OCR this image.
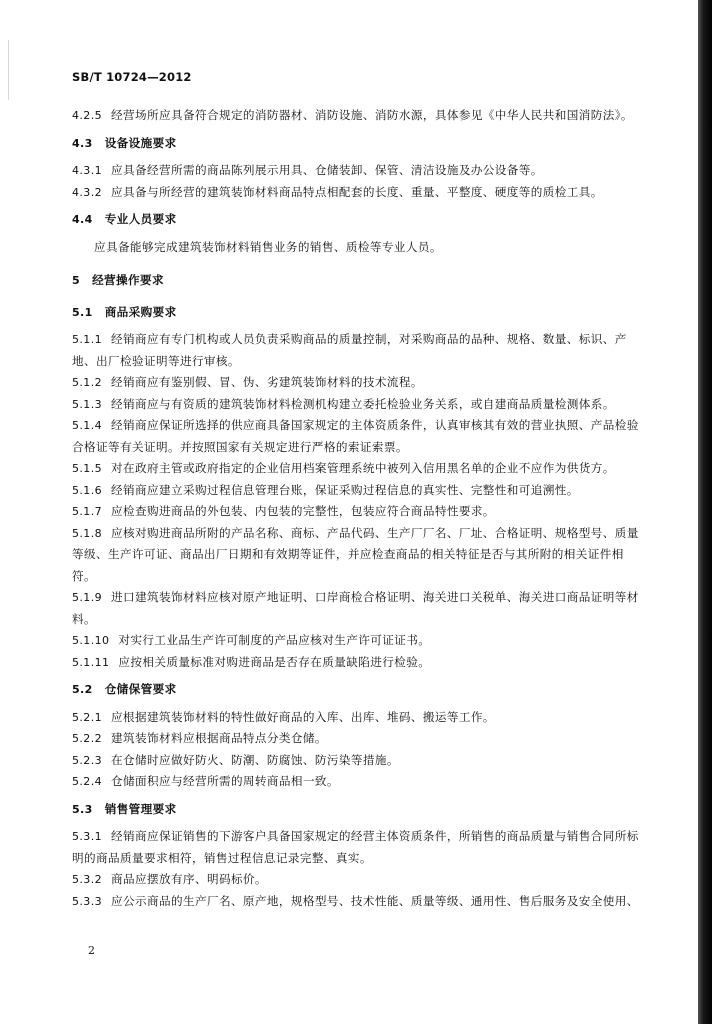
SB/T 10724—2012
4.2.5 经营场所应具备符合规定的消防器材、消防设施、消防水源，具体参见《中华人民共和国消防法》。
4.3 设备设施要求
4.3.1 应具备经营所需的商品陈列展示用具、仓储装卸、保管、清洁设施及办公设备等。
4.3.2 应具备与所经营的建筑装饰材料商品特点相配套的长度、重量、平整度、硬度等的质检工具。
4.4 专业人员要求
应具备能够完成建筑装饰材料销售业务的销售、质检等专业人员。
5 经营操作要求
5.1 商品采购要求
5.1.1 经销商应有专门机构或人员负责采购商品的质量控制，对采购商品的品种、规格、数量、标识、产地、出厂检验证明等进行审核。
5.1.2 经销商应有鉴别假、冒、伪、劣建筑装饰材料的技术流程。
5.1.3 经销商应与有资质的建筑装饰材料检测机构建立委托检验业务关系，或自建商品质量检测体系。
5.1.4 经销商应保证所选择的供应商具备国家规定的主体资质条件，认真审核其有效的营业执照、产品检验合格证等有关证明。并按照国家有关规定进行严格的索证索票。
5.1.5 对在政府主管或政府指定的企业信用档案管理系统中被列入信用黑名单的企业不应作为供货方。
5.1.6 经销商应建立采购过程信息管理台账，保证采购过程信息的真实性、完整性和可追溯性。
5.1.7 应检查购进商品的外包装、内包装的完整性，包装应符合商品特性要求。
5.1.8 应核对购进商品所附的产品名称、商标、产品代码、生产厂厂名、厂址、合格证明、规格型号、质量等级、生产许可证、商品出厂日期和有效期等证件，并应检查商品的相关特征是否与其所附的相关证件相符。
5.1.9 进口建筑装饰材料应核对原产地证明、口岸商检合格证明、海关进口关税单、海关进口商品证明等材料。
5.1.10 对实行工业品生产许可制度的产品应核对生产许可证证书。
5.1.11 应按相关质量标准对购进商品是否存在质量缺陷进行检验。
5.2 仓储保管要求
5.2.1 应根据建筑装饰材料的特性做好商品的入库、出库、堆码、搬运等工作。
5.2.2 建筑装饰材料应根据商品特点分类仓储。
5.2.3 在仓储时应做好防火、防潮、防腐蚀、防污染等措施。
5.2.4 仓储面积应与经营所需的周转商品相一致。
5.3 销售管理要求
5.3.1 经销商应保证销售的下游客户具备国家规定的经营主体资质条件，所销售的商品质量与销售合同所标明的商品质量要求相符，销售过程信息记录完整、真实。
5.3.2 商品应摆放有序、明码标价。
5.3.3 应公示商品的生产厂名、原产地，规格型号、技术性能、质量等级、通用性、售后服务及安全使用、
2
